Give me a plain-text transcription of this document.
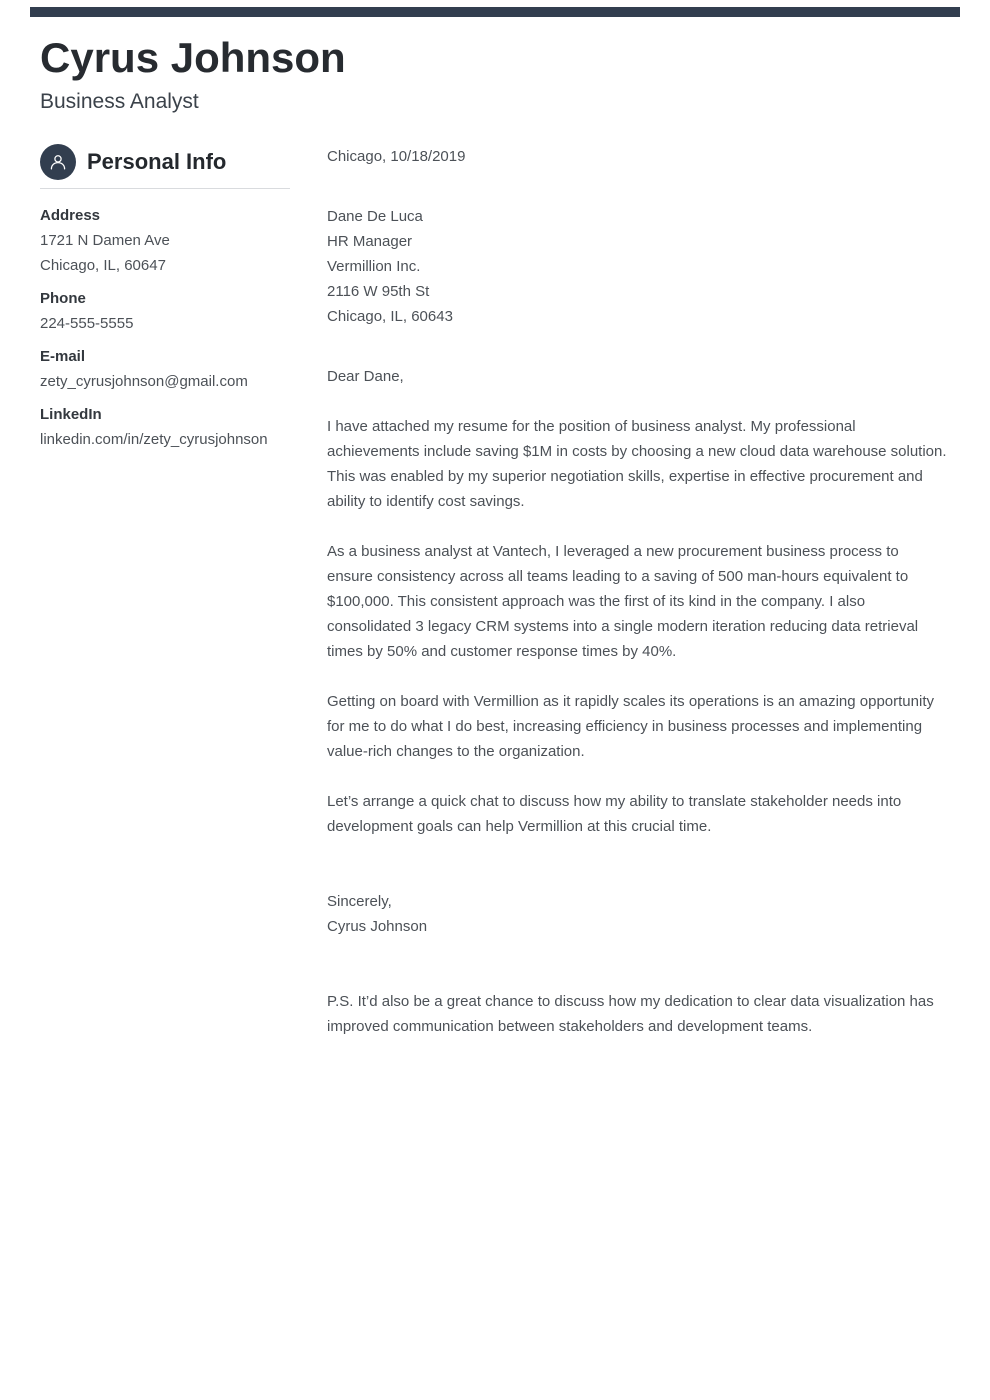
Cyrus Johnson
Business Analyst
Personal Info
Address
1721 N Damen Ave
Chicago, IL, 60647
Phone
224-555-5555
E-mail
zety_cyrusjohnson@gmail.com
LinkedIn
linkedin.com/in/zety_cyrusjohnson
Chicago, 10/18/2019
Dane De Luca
HR Manager
Vermillion Inc.
2116 W 95th St
Chicago, IL, 60643
Dear Dane,

I have attached my resume for the position of business analyst. My professional achievements include saving $1M in costs by choosing a new cloud data warehouse solution. This was enabled by my superior negotiation skills, expertise in effective procurement and ability to identify cost savings.

As a business analyst at Vantech, I leveraged a new procurement business process to ensure consistency across all teams leading to a saving of 500 man-hours equivalent to $100,000. This consistent approach was the first of its kind in the company. I also consolidated 3 legacy CRM systems into a single modern iteration reducing data retrieval times by 50% and customer response times by 40%.

Getting on board with Vermillion as it rapidly scales its operations is an amazing opportunity for me to do what I do best, increasing efficiency in business processes and implementing value-rich changes to the organization.

Let’s arrange a quick chat to discuss how my ability to translate stakeholder needs into development goals can help Vermillion at this crucial time.

Sincerely,
Cyrus Johnson

P.S. It’d also be a great chance to discuss how my dedication to clear data visualization has improved communication between stakeholders and development teams.
